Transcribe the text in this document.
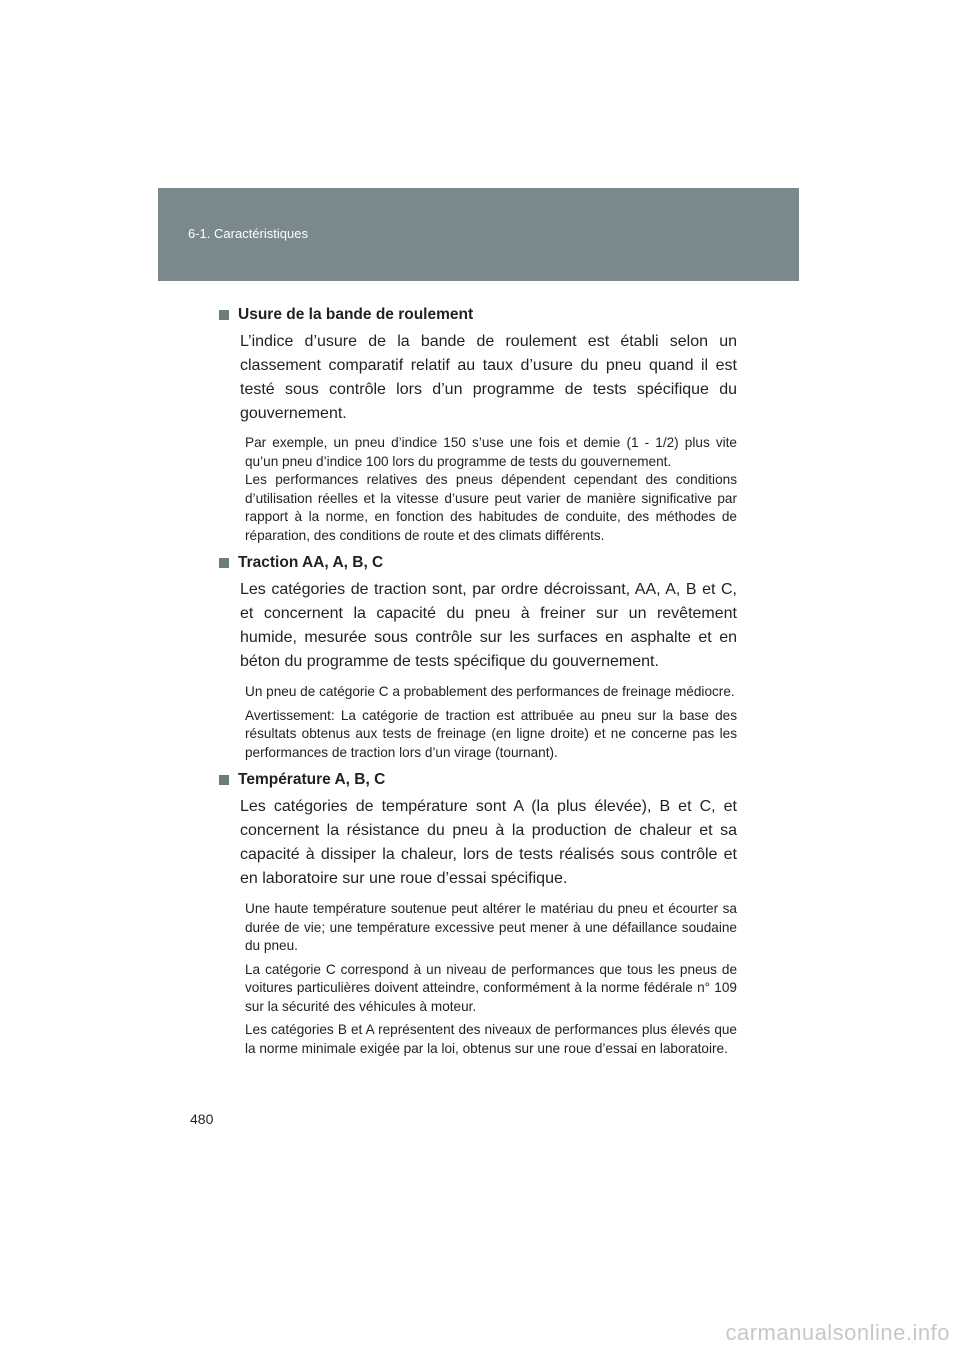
6-1. Caractéristiques
Usure de la bande de roulement

L’indice d’usure de la bande de roulement est établi selon un classement comparatif relatif au taux d’usure du pneu quand il est testé sous contrôle lors d’un programme de tests spécifique du gouvernement.

Par exemple, un pneu d’indice 150 s’use une fois et demie (1 - 1/2) plus vite qu’un pneu d’indice 100 lors du programme de tests du gouvernement.

Les performances relatives des pneus dépendent cependant des conditions d’utilisation réelles et la vitesse d’usure peut varier de manière significative par rapport à la norme, en fonction des habitudes de conduite, des méthodes de réparation, des conditions de route et des climats différents.

Traction AA, A, B, C

Les catégories de traction sont, par ordre décroissant, AA, A, B et C, et concernent la capacité du pneu à freiner sur un revêtement humide, mesurée sous contrôle sur les surfaces en asphalte et en béton du programme de tests spécifique du gouvernement.

Un pneu de catégorie C a probablement des performances de freinage médiocre.

Avertissement: La catégorie de traction est attribuée au pneu sur la base des résultats obtenus aux tests de freinage (en ligne droite) et ne concerne pas les performances de traction lors d’un virage (tournant).

Température A, B, C

Les catégories de température sont A (la plus élevée), B et C, et concernent la résistance du pneu à la production de chaleur et sa capacité à dissiper la chaleur, lors de tests réalisés sous contrôle et en laboratoire sur une roue d’essai spécifique.

Une haute température soutenue peut altérer le matériau du pneu et écourter sa durée de vie; une température excessive peut mener à une défaillance soudaine du pneu.

La catégorie C correspond à un niveau de performances que tous les pneus de voitures particulières doivent atteindre, conformément à la norme fédérale n° 109 sur la sécurité des véhicules à moteur.

Les catégories B et A représentent des niveaux de performances plus élevés que la norme minimale exigée par la loi, obtenus sur une roue d’essai en laboratoire.

480
carmanualsonline.info
